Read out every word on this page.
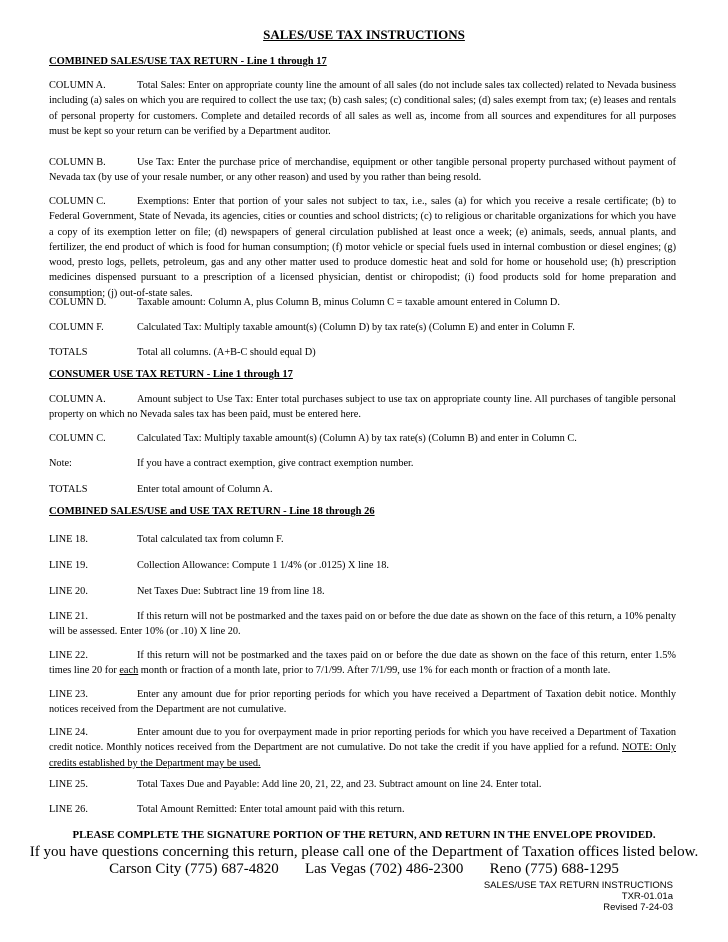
SALES/USE TAX INSTRUCTIONS
COMBINED SALES/USE TAX RETURN - Line 1 through 17
COLUMN A.	Total Sales: Enter on appropriate county line the amount of all sales (do not include sales tax collected) related to Nevada business including (a) sales on which you are required to collect the use tax; (b) cash sales; (c) conditional sales; (d) sales exempt from tax; (e) leases and rentals of personal property for customers. Complete and detailed records of all sales as well as, income from all sources and expenditures for all purposes must be kept so your return can be verified by a Department auditor.
COLUMN B.	Use Tax: Enter the purchase price of merchandise, equipment or other tangible personal property purchased without payment of Nevada tax (by use of your resale number, or any other reason) and used by you rather than being resold.
COLUMN C.	Exemptions: Enter that portion of your sales not subject to tax, i.e., sales (a) for which you receive a resale certificate; (b) to Federal Government, State of Nevada, its agencies, cities or counties and school districts; (c) to religious or charitable organizations for which you have a copy of its exemption letter on file; (d) newspapers of general circulation published at least once a week; (e) animals, seeds, annual plants, and fertilizer, the end product of which is food for human consumption; (f) motor vehicle or special fuels used in internal combustion or diesel engines; (g) wood, presto logs, pellets, petroleum, gas and any other matter used to produce domestic heat and sold for home or household use; (h) prescription medicines dispensed pursuant to a prescription of a licensed physician, dentist or chiropodist; (i) food products sold for home preparation and consumption; (j) out-of-state sales.
COLUMN D.	Taxable amount: Column A, plus Column B, minus Column C = taxable amount entered in Column D.
COLUMN F.	Calculated Tax: Multiply taxable amount(s) (Column D) by tax rate(s) (Column E) and enter in Column F.
TOTALS	Total all columns. (A+B-C should equal D)
CONSUMER USE TAX RETURN - Line 1 through 17
COLUMN A.	Amount subject to Use Tax: Enter total purchases subject to use tax on appropriate county line. All purchases of tangible personal property on which no Nevada sales tax has been paid, must be entered here.
COLUMN C.	Calculated Tax: Multiply taxable amount(s) (Column A) by tax rate(s) (Column B) and enter in Column C.
Note:	If you have a contract exemption, give contract exemption number.
TOTALS	Enter total amount of Column A.
COMBINED SALES/USE and USE TAX RETURN - Line 18 through 26
LINE 18.	Total calculated tax from column F.
LINE 19.	Collection Allowance: Compute 1 1/4% (or .0125) X line 18.
LINE 20.	Net Taxes Due: Subtract line 19 from line 18.
LINE 21.	If this return will not be postmarked and the taxes paid on or before the due date as shown on the face of this return, a 10% penalty will be assessed. Enter 10% (or .10) X line 20.
LINE 22.	If this return will not be postmarked and the taxes paid on or before the due date as shown on the face of this return, enter 1.5% times line 20 for each month or fraction of a month late, prior to 7/1/99. After 7/1/99, use 1% for each month or fraction of a month late.
LINE 23.	Enter any amount due for prior reporting periods for which you have received a Department of Taxation debit notice. Monthly notices received from the Department are not cumulative.
LINE 24.	Enter amount due to you for overpayment made in prior reporting periods for which you have received a Department of Taxation credit notice. Monthly notices received from the Department are not cumulative. Do not take the credit if you have applied for a refund. NOTE: Only credits established by the Department may be used.
LINE 25.	Total Taxes Due and Payable: Add line 20, 21, 22, and 23. Subtract amount on line 24. Enter total.
LINE 26.	Total Amount Remitted: Enter total amount paid with this return.
PLEASE COMPLETE THE SIGNATURE PORTION OF THE RETURN, AND RETURN IN THE ENVELOPE PROVIDED.
If you have questions concerning this return, please call one of the Department of Taxation offices listed below.
Carson City (775) 687-4820       Las Vegas (702) 486-2300       Reno (775) 688-1295
SALES/USE TAX RETURN INSTRUCTIONS
TXR-01.01a
Revised 7-24-03
